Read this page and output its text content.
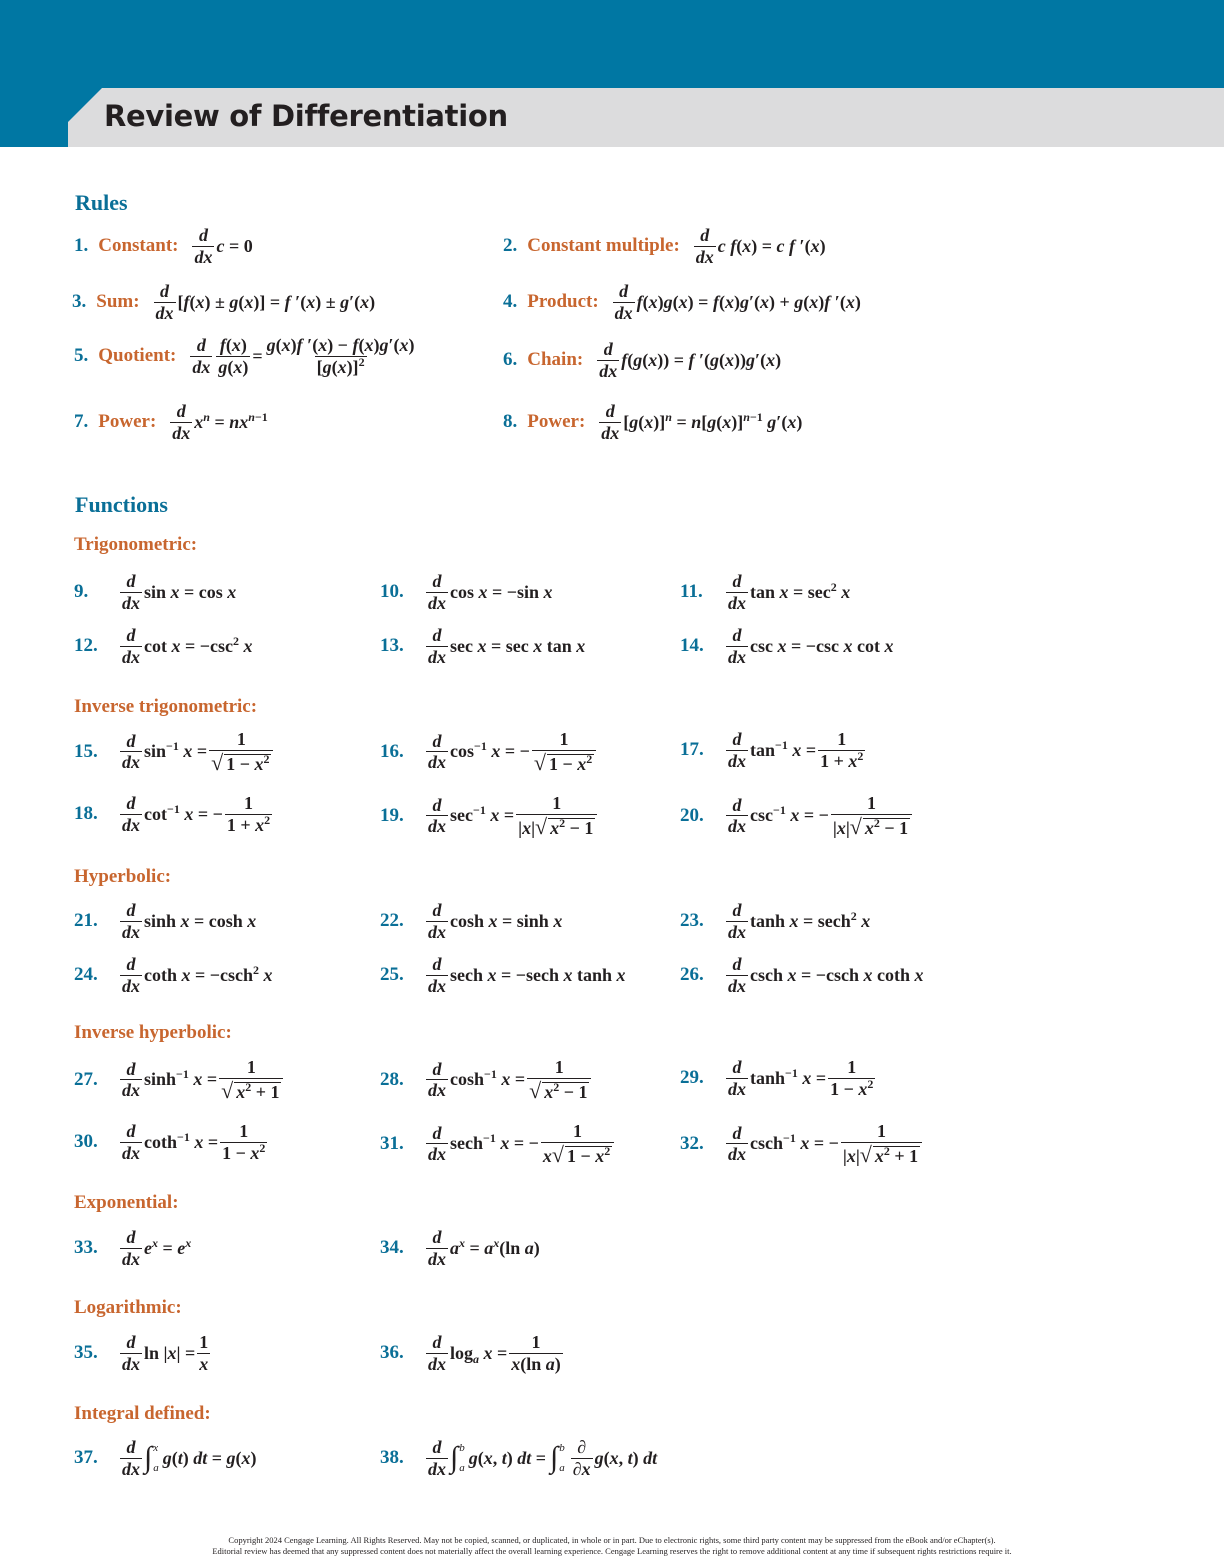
Review of Differentiation
Rules
1. Constant:
d
dx
c = 0	2. Constant multiple:
d
dx
c f(x) = c f ′(x)
3. Sum:
d
dx
[f(x) ± g(x)] = f ′(x) ± g′(x)	4. Product:
d
dx
f(x)g(x) = f(x)g′(x) + g(x)f ′(x)
5. Quotient:
d
dx $\frac{f(x)}{g(x)} = \frac{g(x)f '(x) - f(x)g'(x)}{[g(x)]^2}$	6. Chain:
d
dx
f(g(x)) = f ′(g(x))g′(x)
7. Power:
d
dx
$x^n = nx^{n-1}$	8. Power:
d
dx
$[g(x)]^n = n[g(x)]^{n-1}$ g′(x)
Functions
Trigonometric:
9.
d
dx
sin x = cos x	10.
d
dx
cos x = −sin x	11.
d
dx
$\tan x = \sec^2 x$
12.
d
dx
$\cot x = -\csc^2$ x	13.
d
dx
sec x = sec x tan x	14.
d
dx
csc x = −csc x cot x
Inverse trigonometric:
15.
d
dx
$\sin^{-1} x = \frac{1}{√ 1 - x^2}$	16.
d
dx
$\cos^{-1} x$ = − $\frac{1}{√ 1 - x^2}$	17.
d
dx
$\tan^{-1} x = \frac{1}{1 + x^2}$
18.
d
dx
$\cot^{-1} x$ = − $\frac{1}{1 + x^2}$	19.
d
dx
$\sec^{-1} x = \frac{1}{|x| √ x^2 - 1}$	20.
d
dx
$\csc^{-1} x$ = − $\frac{1}{|x| √ x^2 - 1}$
Hyperbolic:
21.
d
dx
sinh x = cosh x	22.
d
dx
cosh x = sinh x	23.
d
dx
tanh x = sech$^2$ x
24.
d
dx
coth x = −csch$^2$ x	25.
d
dx
sech x = −sech x tanh x	26.
d
dx
csch x = −csch x coth x
Inverse hyperbolic:
27.
d
dx
$\sinh^{-1} x = \frac{1}{√ x^2 + 1}$	28.
d
dx
$\cosh^{-1} x = \frac{1}{√ x^2 - 1}$	29.
d
dx
$\tanh^{-1} x = \frac{1}{1 - x^2}$
30.
d
dx
coth$^{-1}$ $x = \frac{1}{1 - x^2}$	31.
d
dx
sech$^{-1}$ x = − $\frac{1}{x √ 1 - x^2}$	32.
d
dx
csch$^{-1}$ x = − $\frac{1}{|x| √ x^2 + 1}$
Exponential:
33.
d
dx
$e^x = e^x$	34.
d
dx
$a^x = a^x(\ln$ a)
Logarithmic:
35.
d
dx
$\ln |x| = \frac{1}{x}$	36.
d
dx
$\log_a x = \frac{1}{\text{x(ln a)}}$
Integral defined:
37.
d
dx ∫ x
a
g(t) dt = g(x)	38.
d
dx ∫ b
a
g(x, t) dt = ∫ b
a
∂
∂x
g(x, t) dt
Copyright 2024 Cengage Learning. All Rights Reserved. May not be copied, scanned, or duplicated, in whole or in part. Due to electronic rights, some third party content may be suppressed from the eBook and/or eChapter(s).
Editorial review has deemed that any suppressed content does not materially affect the overall learning experience. Cengage Learning reserves the right to remove additional content at any time if subsequent rights restrictions require it.
